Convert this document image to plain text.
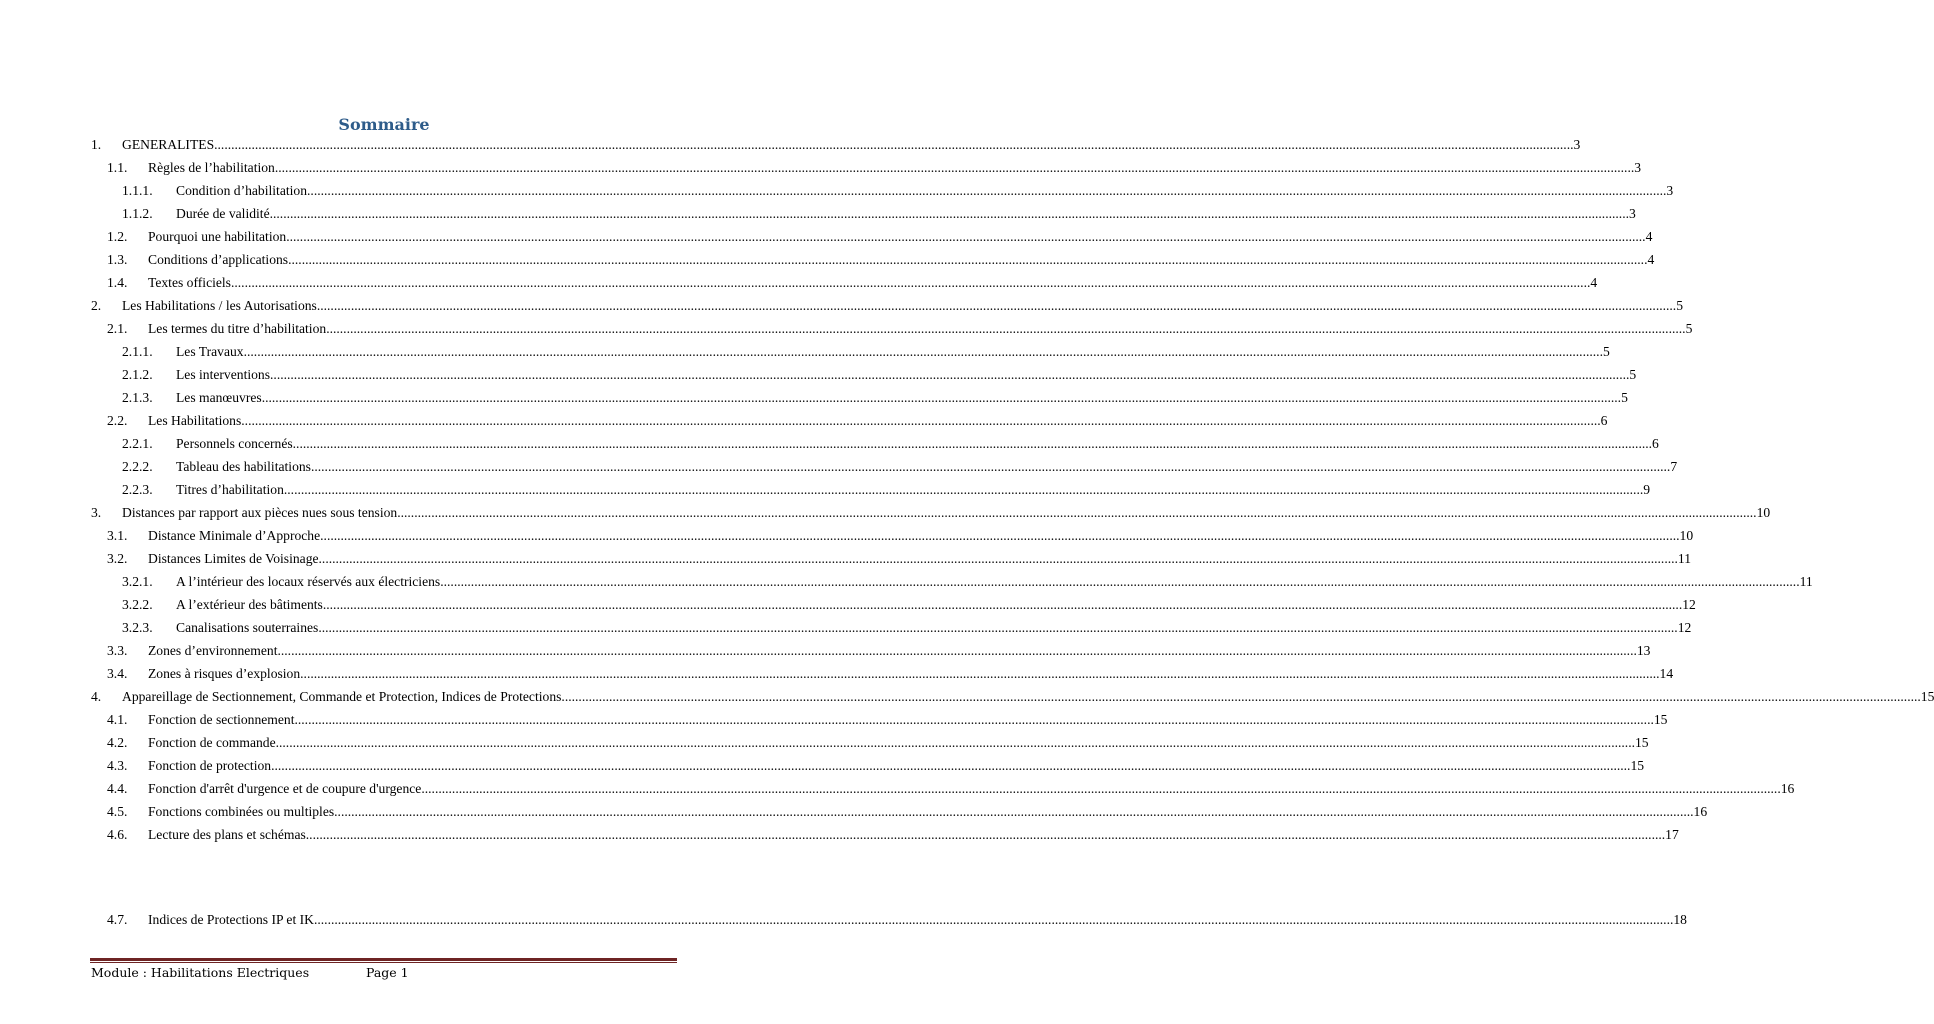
Sommaire
1.	GENERALITES ................................................................................................................................................................................................................................................................................................................................................................................................................ 3
1.1.	Règles de l’habilitation ................................................................................................................................................................................................................................................................................................................................................................................................................ 3
1.1.1.	Condition d’habilitation ................................................................................................................................................................................................................................................................................................................................................................................................................ 3
1.1.2.	Durée de validité ................................................................................................................................................................................................................................................................................................................................................................................................................ 3
1.2.	Pourquoi une habilitation ................................................................................................................................................................................................................................................................................................................................................................................................................ 4
1.3.	Conditions d’applications ................................................................................................................................................................................................................................................................................................................................................................................................................ 4
1.4.	Textes officiels ................................................................................................................................................................................................................................................................................................................................................................................................................ 4
2.	Les Habilitations / les Autorisations ................................................................................................................................................................................................................................................................................................................................................................................................................ 5
2.1.	Les termes du titre d’habilitation ................................................................................................................................................................................................................................................................................................................................................................................................................ 5
2.1.1.	Les Travaux ................................................................................................................................................................................................................................................................................................................................................................................................................ 5
2.1.2.	Les interventions ................................................................................................................................................................................................................................................................................................................................................................................................................ 5
2.1.3.	Les manœuvres ................................................................................................................................................................................................................................................................................................................................................................................................................ 5
2.2.	Les Habilitations ................................................................................................................................................................................................................................................................................................................................................................................................................ 6
2.2.1.	Personnels concernés ................................................................................................................................................................................................................................................................................................................................................................................................................ 6
2.2.2.	Tableau des habilitations ................................................................................................................................................................................................................................................................................................................................................................................................................ 7
2.2.3.	Titres d’habilitation ................................................................................................................................................................................................................................................................................................................................................................................................................ 9
3.	Distances par rapport aux pièces nues sous tension ................................................................................................................................................................................................................................................................................................................................................................................................................ 10
3.1.	Distance Minimale d’Approche ................................................................................................................................................................................................................................................................................................................................................................................................................ 10
3.2.	Distances Limites de Voisinage ................................................................................................................................................................................................................................................................................................................................................................................................................ 11
3.2.1.	A l’intérieur des locaux réservés aux électriciens ................................................................................................................................................................................................................................................................................................................................................................................................................ 11
3.2.2.	A l’extérieur des bâtiments ................................................................................................................................................................................................................................................................................................................................................................................................................ 12
3.2.3.	Canalisations souterraines ................................................................................................................................................................................................................................................................................................................................................................................................................ 12
3.3.	Zones d’environnement ................................................................................................................................................................................................................................................................................................................................................................................................................ 13
3.4.	Zones à risques d’explosion ................................................................................................................................................................................................................................................................................................................................................................................................................ 14
4.	Appareillage de Sectionnement, Commande et Protection, Indices de Protections ................................................................................................................................................................................................................................................................................................................................................................................................................ 15
4.1.	Fonction de sectionnement ................................................................................................................................................................................................................................................................................................................................................................................................................ 15
4.2.	Fonction de commande ................................................................................................................................................................................................................................................................................................................................................................................................................ 15
4.3.	Fonction de protection ................................................................................................................................................................................................................................................................................................................................................................................................................ 15
4.4.	Fonction d'arrêt d'urgence et de coupure d'urgence ................................................................................................................................................................................................................................................................................................................................................................................................................ 16
4.5.	Fonctions combinées ou multiples ................................................................................................................................................................................................................................................................................................................................................................................................................ 16
4.6.	Lecture des plans et schémas ................................................................................................................................................................................................................................................................................................................................................................................................................ 17
4.7.	Indices de Protections IP et IK ................................................................................................................................................................................................................................................................................................................................................................................................................ 18
Module : Habilitations Electriques	Page 1
